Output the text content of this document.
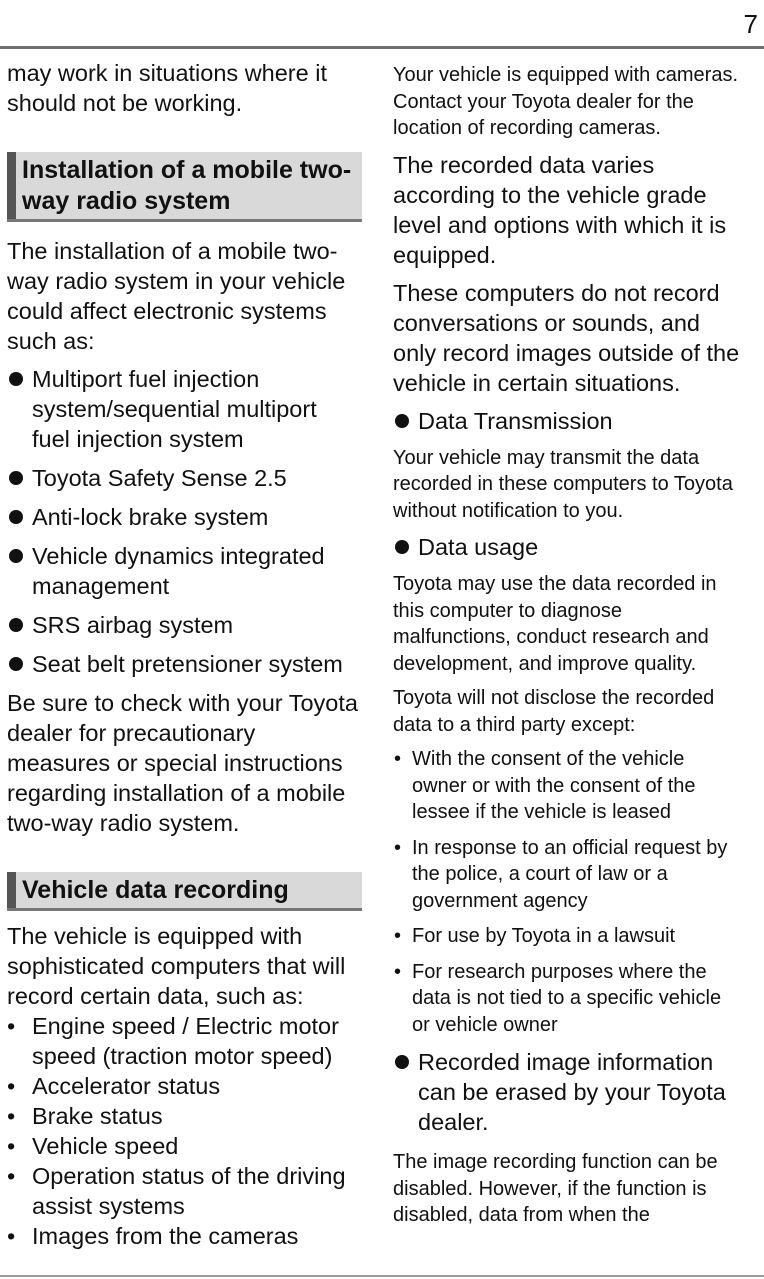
7

may work in situations where it should not be working.

Installation of a mobile two-way radio system

The installation of a mobile two-way radio system in your vehicle could affect electronic systems such as:

Multiport fuel injection system/sequential multiport fuel injection system
Toyota Safety Sense 2.5
Anti-lock brake system
Vehicle dynamics integrated management
SRS airbag system
Seat belt pretensioner system

Be sure to check with your Toyota dealer for precautionary measures or special instructions regarding installation of a mobile two-way radio system.

Vehicle data recording

The vehicle is equipped with sophisticated computers that will record certain data, such as:

• Engine speed / Electric motor speed (traction motor speed)
• Accelerator status
• Brake status
• Vehicle speed
• Operation status of the driving assist systems
• Images from the cameras

Your vehicle is equipped with cameras. Contact your Toyota dealer for the location of recording cameras.

The recorded data varies according to the vehicle grade level and options with which it is equipped.

These computers do not record conversations or sounds, and only record images outside of the vehicle in certain situations.

Data Transmission

Your vehicle may transmit the data recorded in these computers to Toyota without notification to you.

Data usage

Toyota may use the data recorded in this computer to diagnose malfunctions, conduct research and development, and improve quality.

Toyota will not disclose the recorded data to a third party except:

• With the consent of the vehicle owner or with the consent of the lessee if the vehicle is leased
• In response to an official request by the police, a court of law or a government agency
• For use by Toyota in a lawsuit
• For research purposes where the data is not tied to a specific vehicle or vehicle owner
Recorded image information can be erased by your Toyota dealer.

The image recording function can be disabled. However, if the function is disabled, data from when the
